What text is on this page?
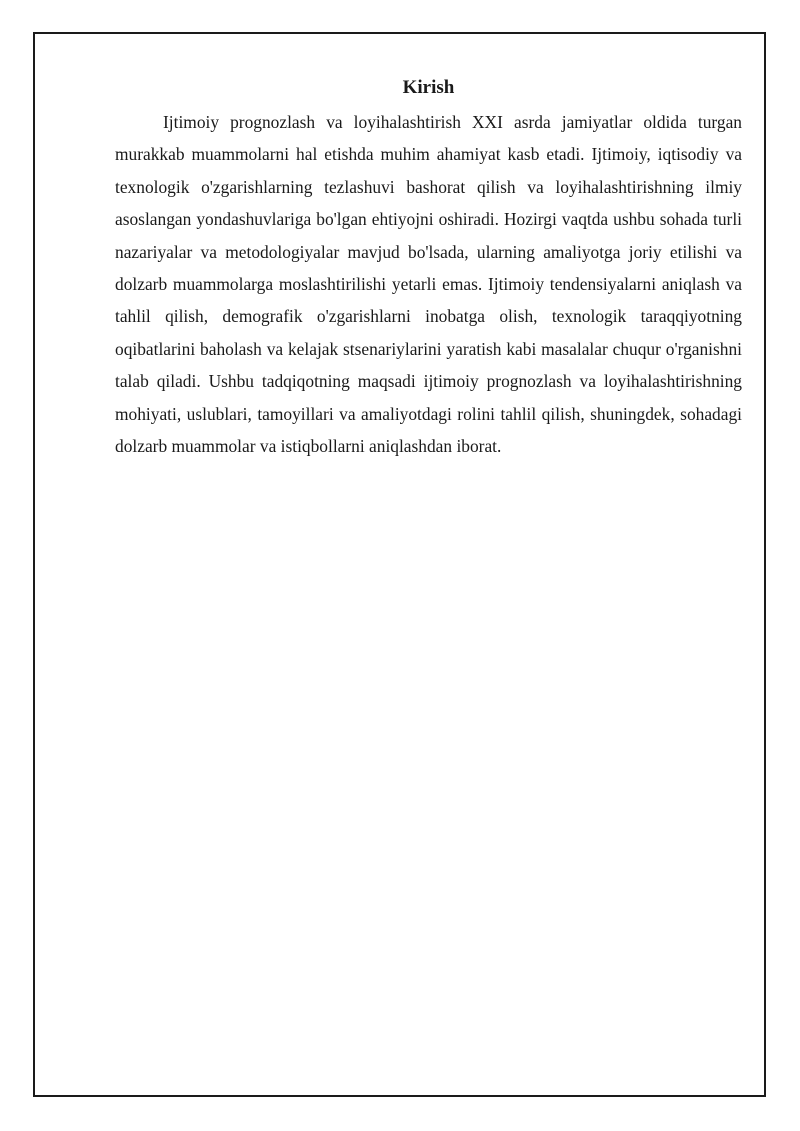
Kirish

Ijtimoiy prognozlash va loyihalashtirish XXI asrda jamiyatlar oldida turgan murakkab muammolarni hal etishda muhim ahamiyat kasb etadi. Ijtimoiy, iqtisodiy va texnologik o'zgarishlarning tezlashuvi bashorat qilish va loyihalashtirishning ilmiy asoslangan yondashuvlariga bo'lgan ehtiyojni oshiradi. Hozirgi vaqtda ushbu sohada turli nazariyalar va metodologiyalar mavjud bo'lsada, ularning amaliyotga joriy etilishi va dolzarb muammolarga moslashtirilishi yetarli emas. Ijtimoiy tendensiyalarni aniqlash va tahlil qilish, demografik o'zgarishlarni inobatga olish, texnologik taraqqiyotning oqibatlarini baholash va kelajak stsenariylarini yaratish kabi masalalar chuqur o'rganishni talab qiladi. Ushbu tadqiqotning maqsadi ijtimoiy prognozlash va loyihalashtirishning mohiyati, uslublari, tamoyillari va amaliyotdagi rolini tahlil qilish, shuningdek, sohadagi dolzarb muammolar va istiqbollarni aniqlashdan iborat.
